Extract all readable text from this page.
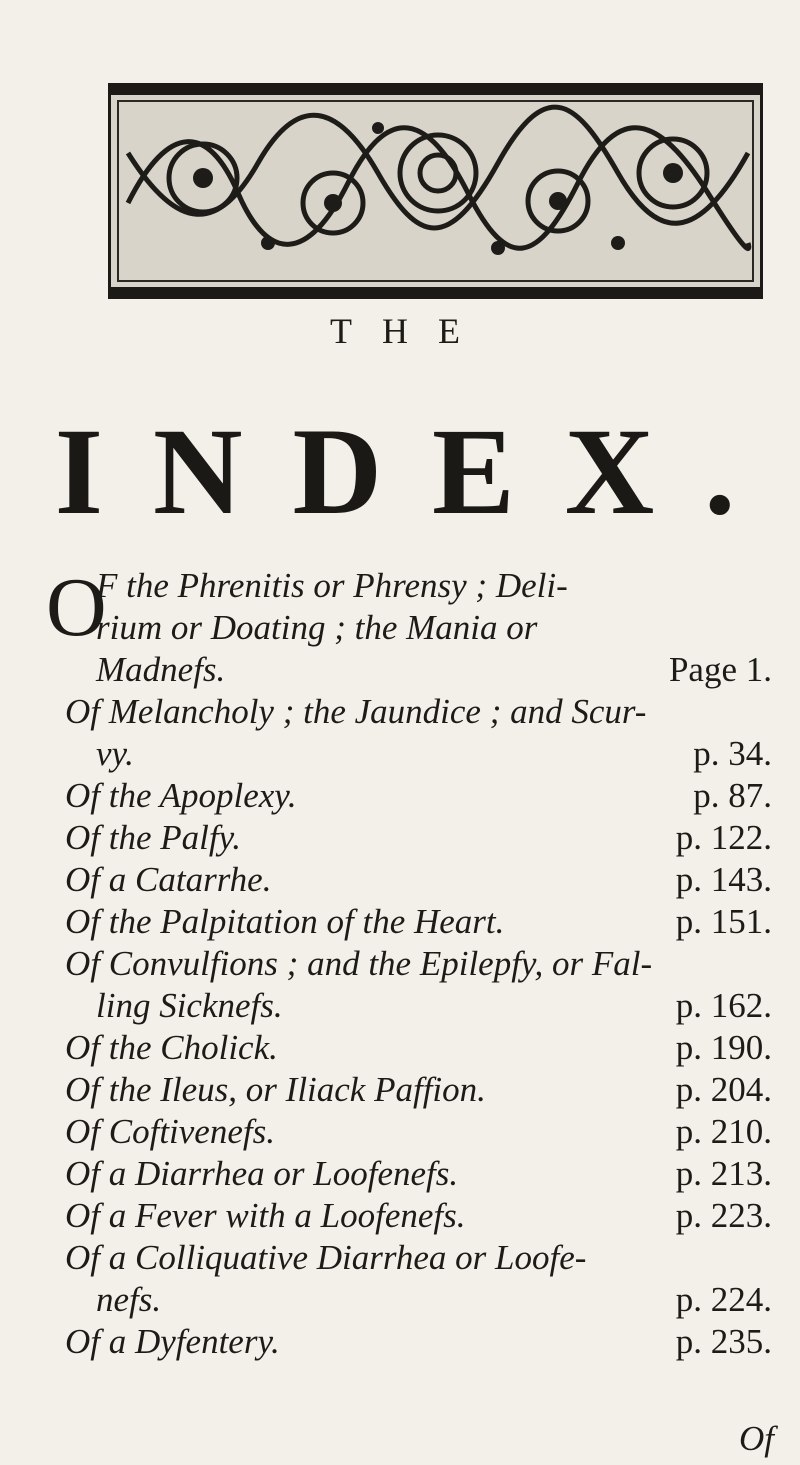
THE
INDEX.
O
F the Phrenitis or Phrensy ; Deli-
rium or Doating ; the Mania or
Madnefs.	Page 1.
Of Melancholy ; the Jaundice ; and Scur-
vy.	p. 34.
Of the Apoplexy.	p. 87.
Of the Palfy.	p. 122.
Of a Catarrhe.	p. 143.
Of the Palpitation of the Heart.	p. 151.
Of Convulfions ; and the Epilepfy, or Fal-
ling Sicknefs.	p. 162.
Of the Cholick.	p. 190.
Of the Ileus, or Iliack Paffion.	p. 204.
Of Coftivenefs.	p. 210.
Of a Diarrhea or Loofenefs.	p. 213.
Of a Fever with a Loofenefs.	p. 223.
Of a Colliquative Diarrhea or Loofe-
nefs.	p. 224.
Of a Dyfentery.	p. 235.
Of
